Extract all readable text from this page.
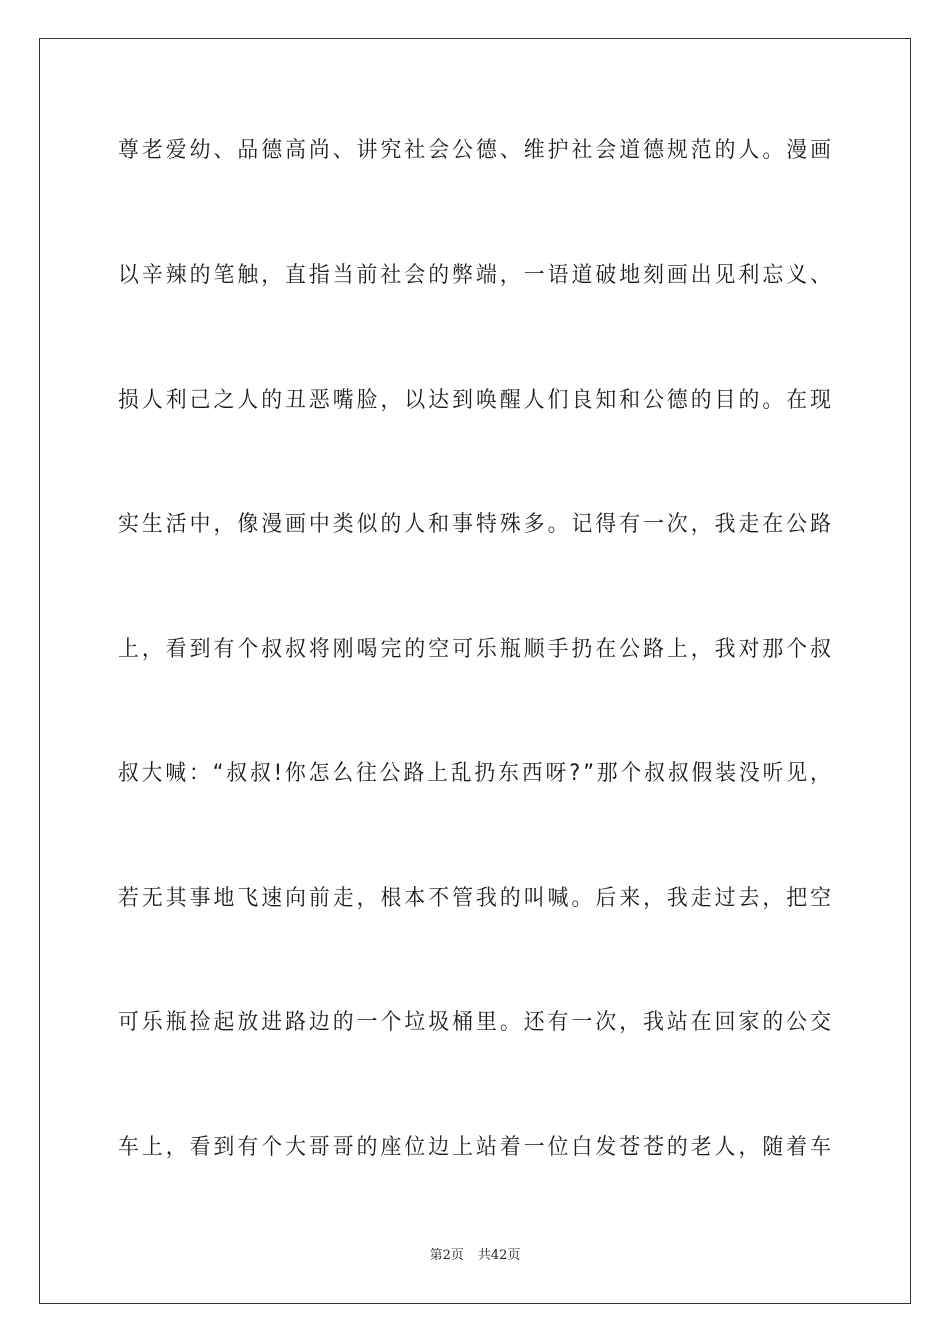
尊老爱幼、品德高尚、讲究社会公德、维护社会道德规范的人。漫画
以辛辣的笔触，直指当前社会的弊端，一语道破地刻画出见利忘义、
损人利己之人的丑恶嘴脸，以达到唤醒人们良知和公德的目的。在现
实生活中，像漫画中类似的人和事特殊多。记得有一次，我走在公路
上，看到有个叔叔将刚喝完的空可乐瓶顺手扔在公路上，我对那个叔
叔大喊：“叔叔!你怎么往公路上乱扔东西呀?”那个叔叔假装没听见，
若无其事地飞速向前走，根本不管我的叫喊。后来，我走过去，把空
可乐瓶捡起放进路边的一个垃圾桶里。还有一次，我站在回家的公交
车上，看到有个大哥哥的座位边上站着一位白发苍苍的老人，随着车
第2页 共42页
